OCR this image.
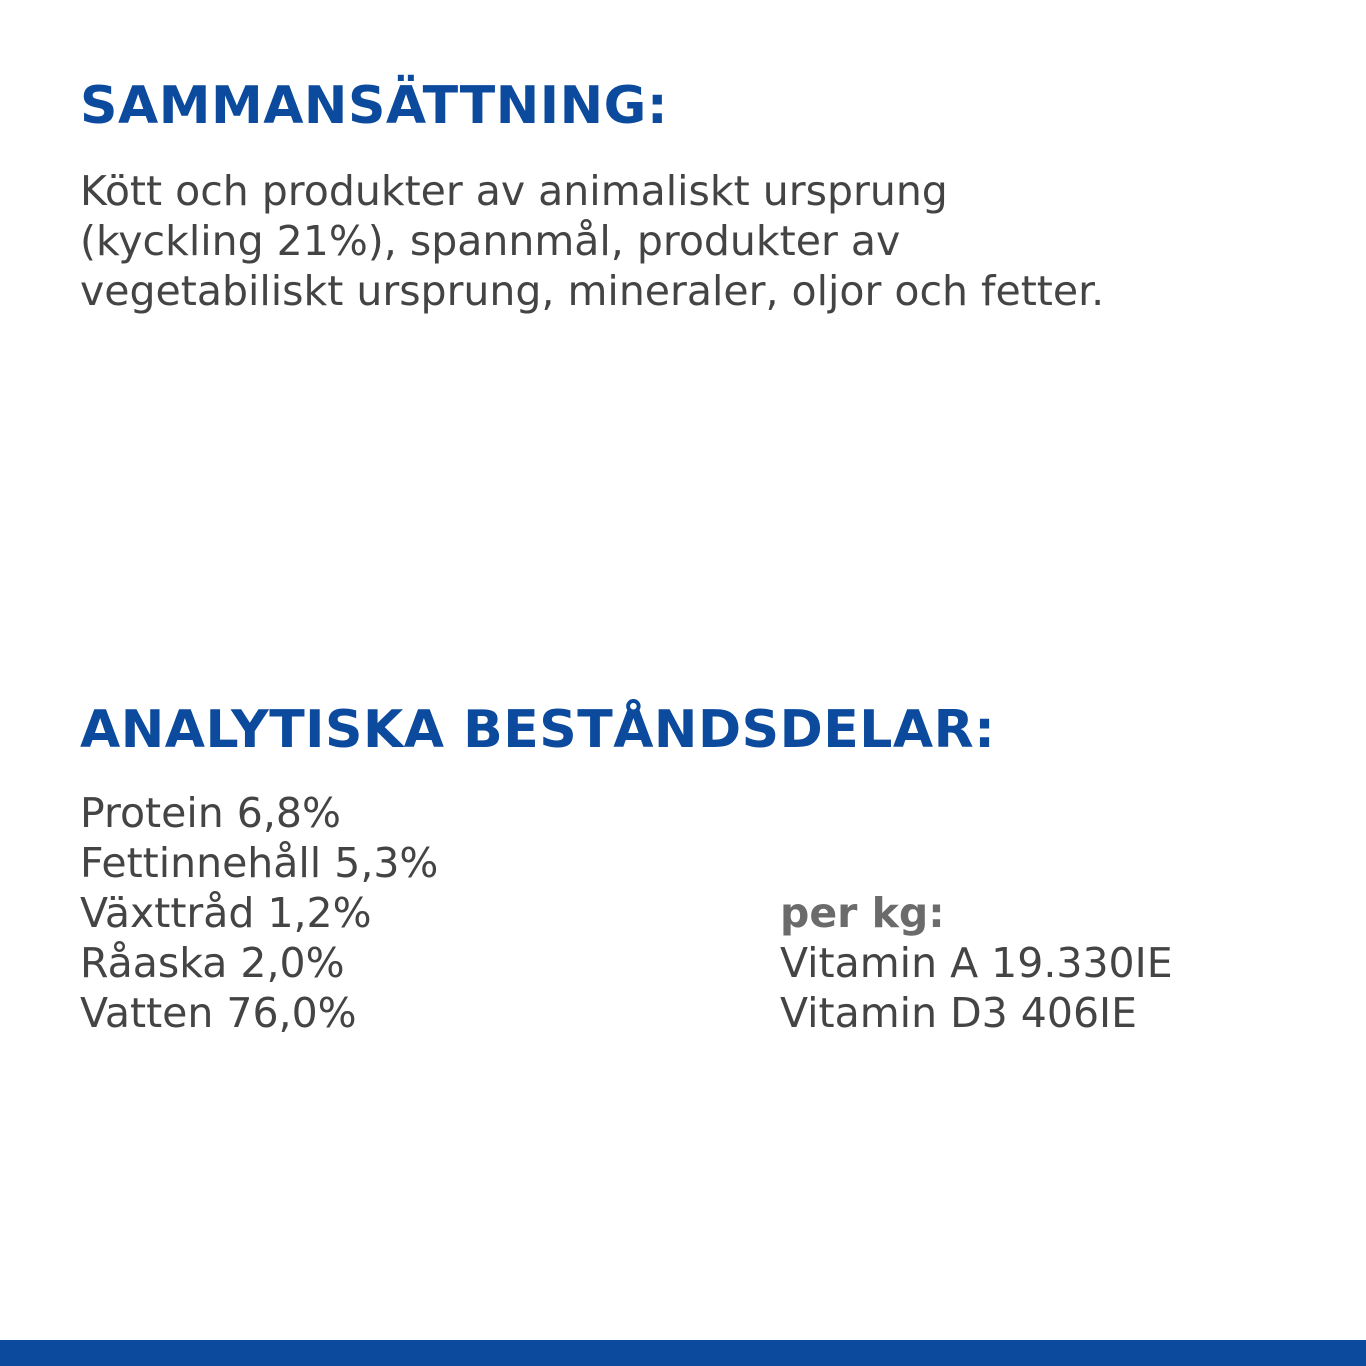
SAMMANSÄTTNING:
Kött och produkter av animaliskt ursprung
(kyckling 21%), spannmål, produkter av
vegetabiliskt ursprung, mineraler, oljor och fetter.
ANALYTISKA BESTÅNDSDELAR:
Protein 6,8%
Fettinnehåll 5,3%
Växttråd 1,2%
Råaska 2,0%
Vatten 76,0%
per kg:
Vitamin A 19.330IE
Vitamin D3 406IE
